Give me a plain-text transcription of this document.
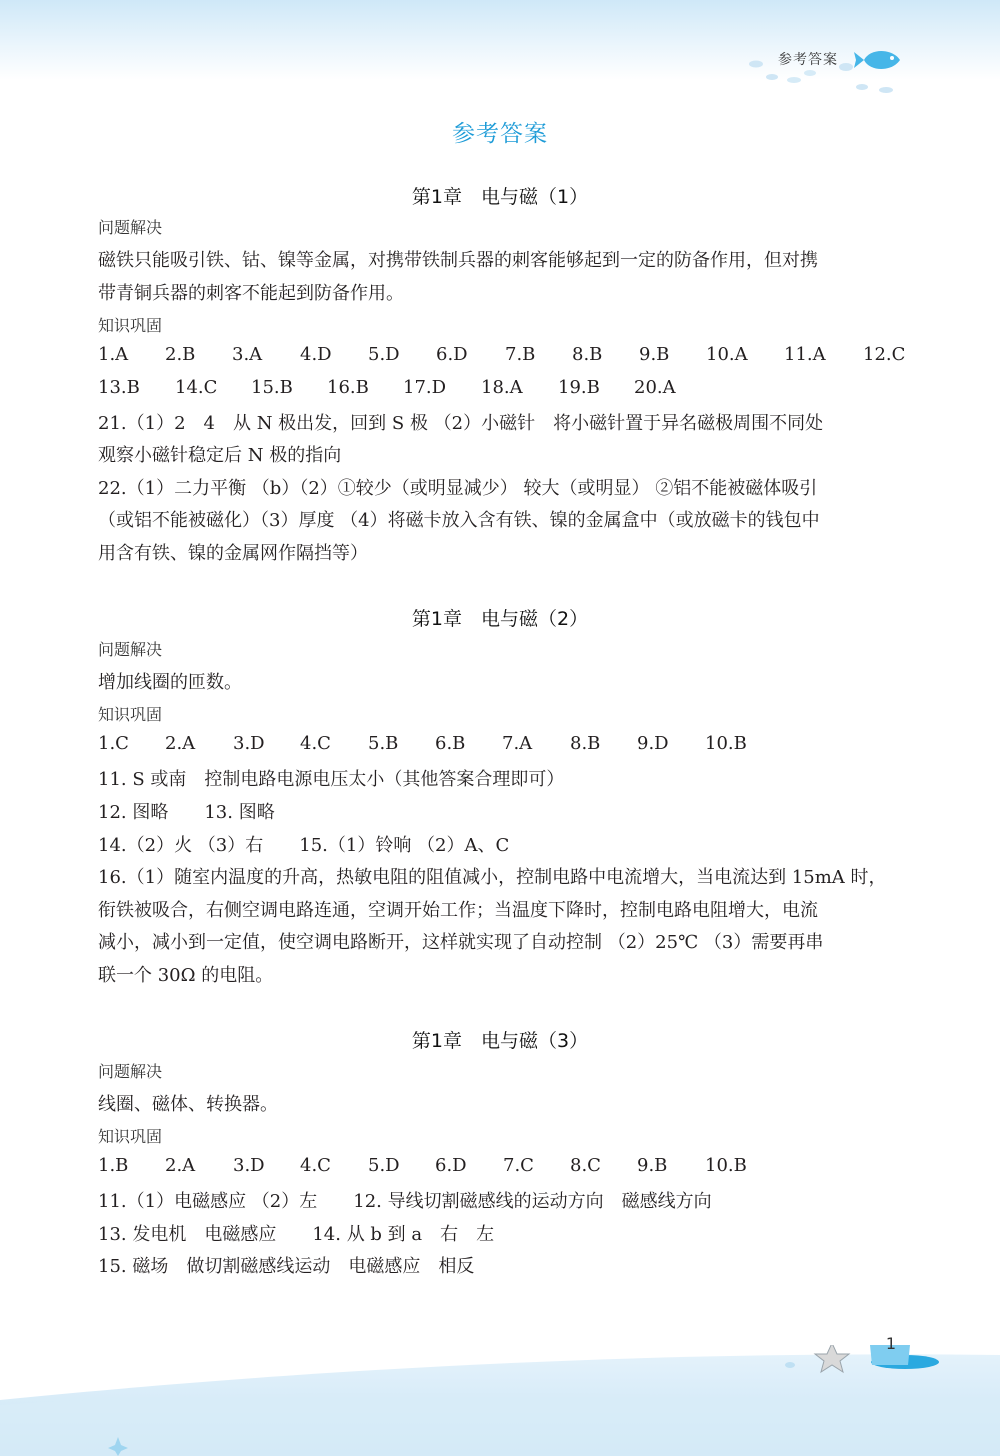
参考答案
参考答案
第1章　电与磁（1）
问题解决
磁铁只能吸引铁、钴、镍等金属，对携带铁制兵器的刺客能够起到一定的防备作用，但对携
带青铜兵器的刺客不能起到防备作用。
知识巩固
1.A 2.B 3.A 4.D 5.D 6.D 7.B 8.B 9.B 10.A 11.A 12.C
13.B 14.C 15.B 16.B 17.D 18.A 19.B 20.A
21.（1）2　4　从 N 极出发，回到 S 极 （2）小磁针　将小磁针置于异名磁极周围不同处
观察小磁针稳定后 N 极的指向
22.（1）二力平衡 （b）（2）①较少（或明显减少） 较大（或明显） ②铝不能被磁体吸引
（或铝不能被磁化）（3）厚度 （4）将磁卡放入含有铁、镍的金属盒中（或放磁卡的钱包中
用含有铁、镍的金属网作隔挡等）
第1章　电与磁（2）
问题解决
增加线圈的匝数。
知识巩固
1.C 2.A 3.D 4.C 5.B 6.B 7.A 8.B 9.D 10.B
11. S 或南　控制电路电源电压太小（其他答案合理即可）
12. 图略　　13. 图略
14.（2）火 （3）右　　15.（1）铃响 （2）A、C
16.（1）随室内温度的升高，热敏电阻的阻值减小，控制电路中电流增大，当电流达到 15mA 时，
衔铁被吸合，右侧空调电路连通，空调开始工作；当温度下降时，控制电路电阻增大，电流
减小，减小到一定值，使空调电路断开，这样就实现了自动控制 （2）25℃ （3）需要再串
联一个 30Ω 的电阻。
第1章　电与磁（3）
问题解决
线圈、磁体、转换器。
知识巩固
1.B 2.A 3.D 4.C 5.D 6.D 7.C 8.C 9.B 10.B
11.（1）电磁感应 （2）左　　12. 导线切割磁感线的运动方向　磁感线方向
13. 发电机　电磁感应　　14. 从 b 到 a　右　左
15. 磁场　做切割磁感线运动　电磁感应　相反
1
